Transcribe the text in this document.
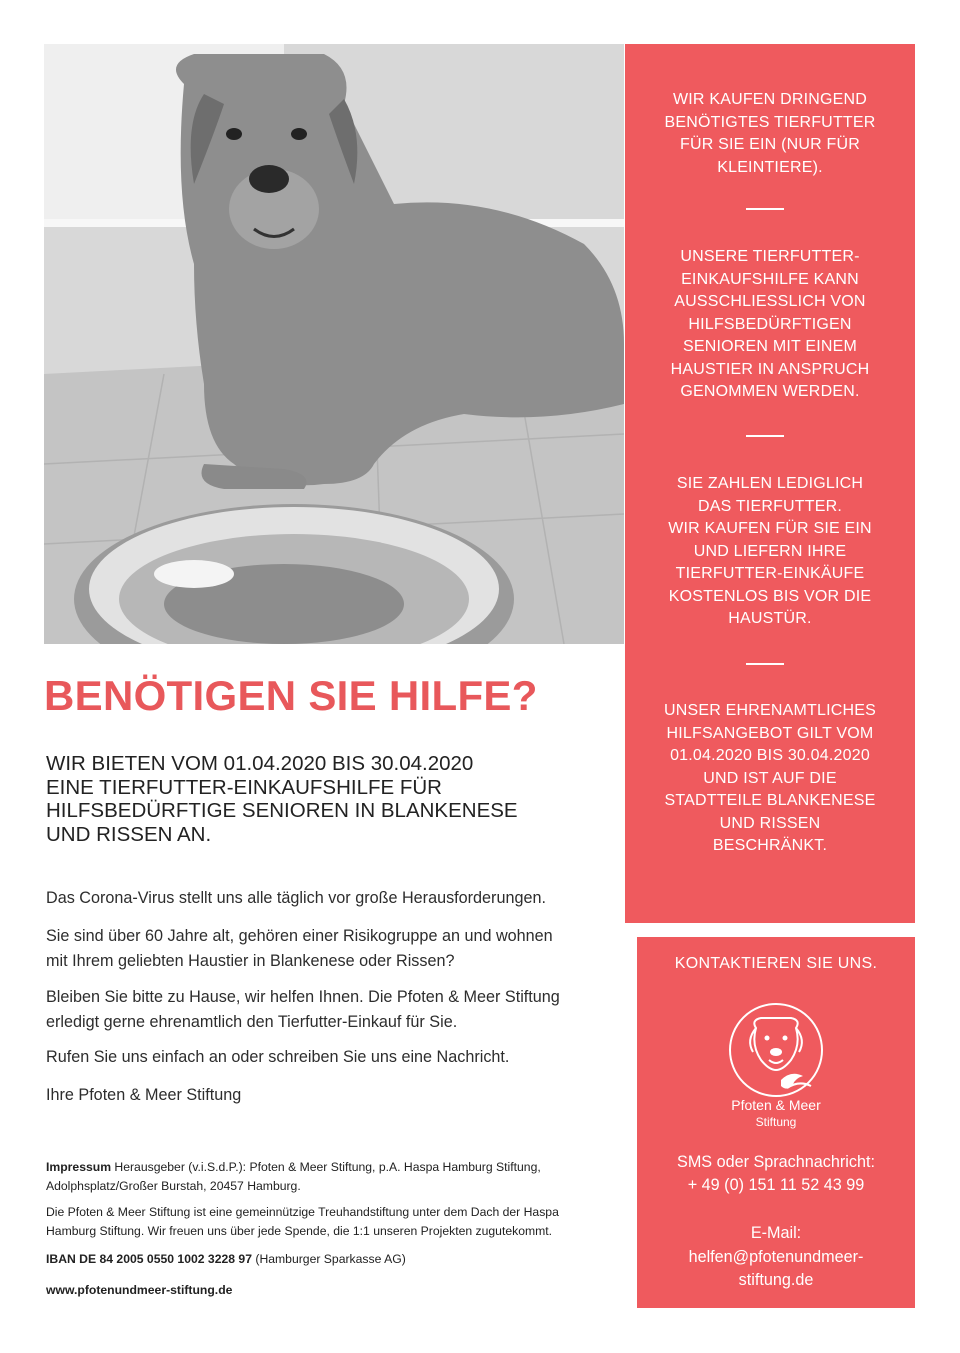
WIR KAUFEN DRINGEND
BENÖTIGTES TIERFUTTER
FÜR SIE EIN (NUR FÜR
KLEINTIERE).
UNSERE TIERFUTTER-
EINKAUFSHILFE KANN
AUSSCHLIESSLICH VON
HILFSBEDÜRFTIGEN
SENIOREN MIT EINEM
HAUSTIER IN ANSPRUCH
GENOMMEN WERDEN.
SIE ZAHLEN LEDIGLICH
DAS TIERFUTTER.
WIR KAUFEN FÜR SIE EIN
UND LIEFERN IHRE
TIERFUTTER-EINKÄUFE
KOSTENLOS BIS VOR DIE
HAUSTÜR.
UNSER EHRENAMTLICHES
HILFSANGEBOT GILT VOM
01.04.2020 BIS 30.04.2020
UND IST AUF DIE
STADTTEILE BLANKENESE
UND RISSEN
BESCHRÄNKT.
BENÖTIGEN SIE HILFE?
WIR BIETEN VOM 01.04.2020 BIS 30.04.2020
EINE TIERFUTTER-EINKAUFSHILFE FÜR
HILFSBEDÜRFTIGE SENIOREN IN BLANKENESE
UND RISSEN AN.

Das Corona-Virus stellt uns alle täglich vor große Herausforderungen.

Sie sind über 60 Jahre alt, gehören einer Risikogruppe an und wohnen
mit Ihrem geliebten Haustier in Blankenese oder Rissen?

Bleiben Sie bitte zu Hause, wir helfen Ihnen. Die Pfoten & Meer Stiftung
erledigt gerne ehrenamtlich den Tierfutter-Einkauf für Sie.

Rufen Sie uns einfach an oder schreiben Sie uns eine Nachricht.

Ihre Pfoten & Meer Stiftung

Impressum Herausgeber (v.i.S.d.P.): Pfoten & Meer Stiftung, p.A. Haspa Hamburg Stiftung,
Adolphsplatz/Großer Burstah, 20457 Hamburg.
Die Pfoten & Meer Stiftung ist eine gemeinnützige Treuhandstiftung unter dem Dach der Haspa
Hamburg Stiftung. Wir freuen uns über jede Spende, die 1:1 unseren Projekten zugutekommt.
IBAN DE 84 2005 0550 1002 3228 97 (Hamburger Sparkasse AG)
www.pfotenundmeer-stiftung.de
KONTAKTIEREN SIE UNS.
Pfoten & Meer
Stiftung
SMS oder Sprachnachricht:
+ 49 (0) 151 11 52 43 99
E-Mail:
helfen@pfotenundmeer-
stiftung.de
